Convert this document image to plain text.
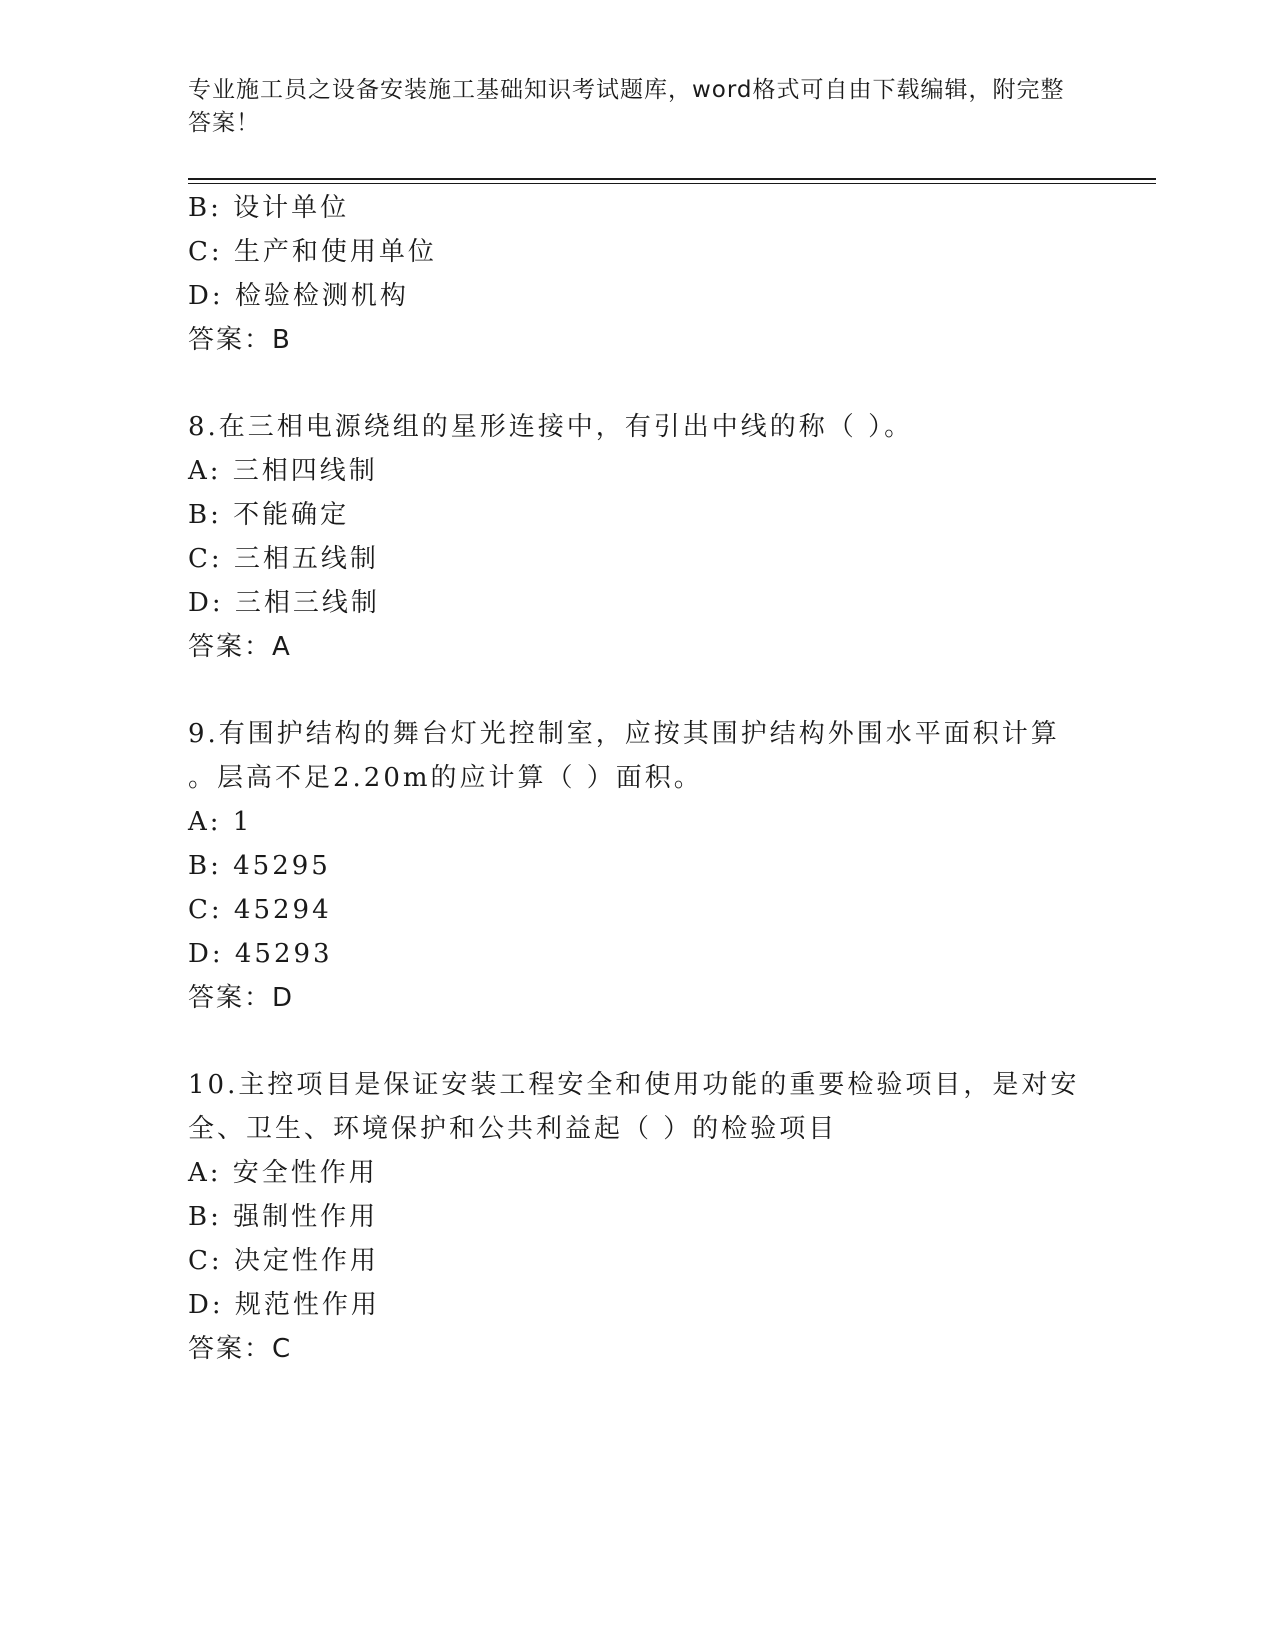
专业施工员之设备安装施工基础知识考试题库，word格式可自由下载编辑，附完整答案！
B: 设计单位
C: 生产和使用单位
D: 检验检测机构
答案：B
8.在三相电源绕组的星形连接中，有引出中线的称（ ）。
A: 三相四线制
B: 不能确定
C: 三相五线制
D: 三相三线制
答案：A
9.有围护结构的舞台灯光控制室，应按其围护结构外围水平面积计算
。层高不足2.20m的应计算（ ）面积。
A: 1
B: 45295
C: 45294
D: 45293
答案：D
10.主控项目是保证安装工程安全和使用功能的重要检验项目，是对安
全、卫生、环境保护和公共利益起（ ）的检验项目
A: 安全性作用
B: 强制性作用
C: 决定性作用
D: 规范性作用
答案：C
